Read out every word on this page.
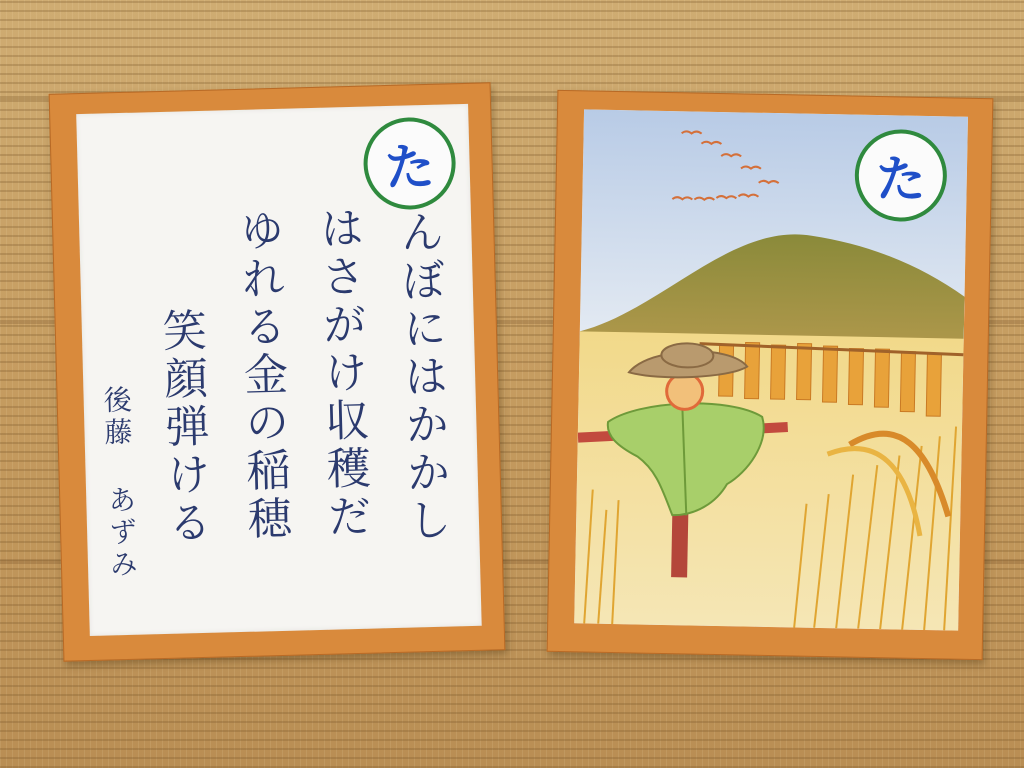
た
んぼにはかかし
はさがけ収穫だ
ゆれる金の稲穂
笑顔弾ける
後藤
あずみ
た
